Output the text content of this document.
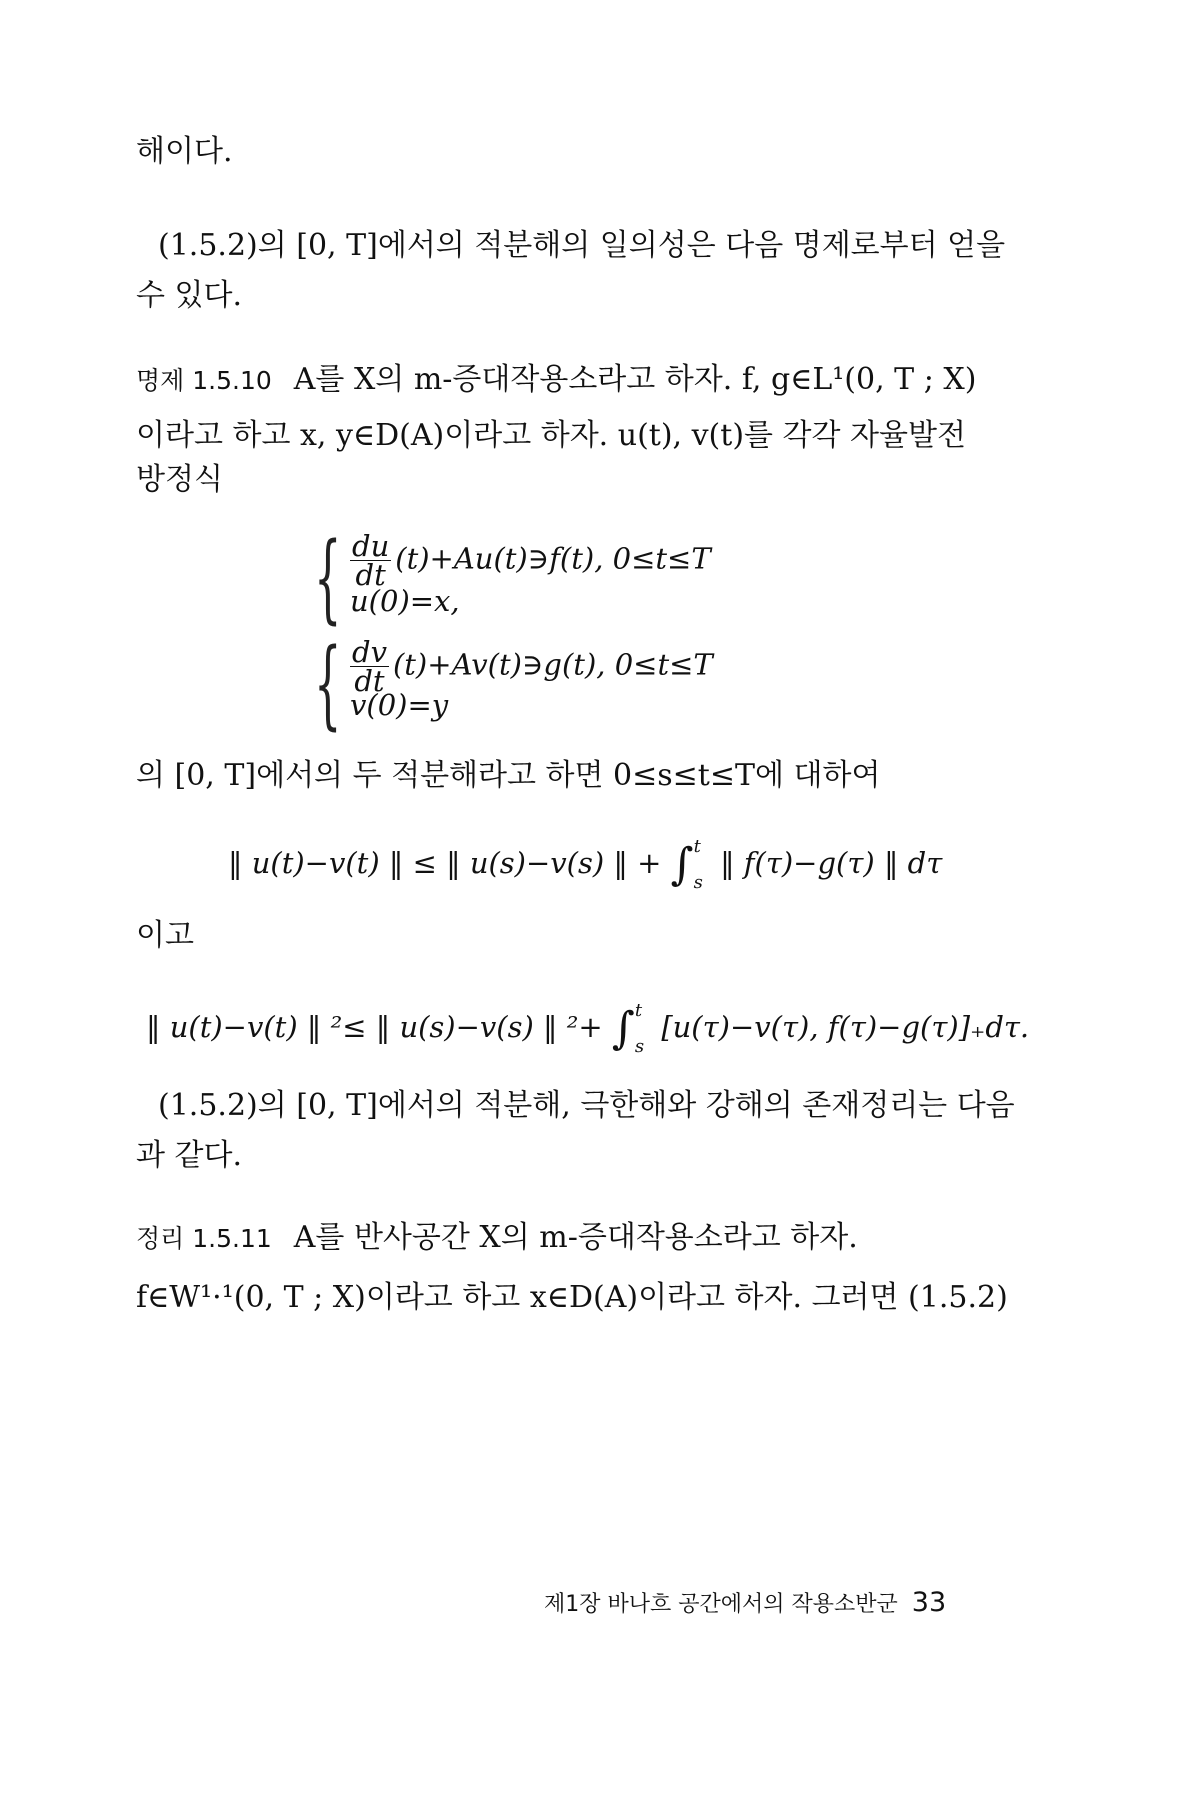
해이다.
(1.5.2)의 [0, T]에서의 적분해의 일의성은 다음 명제로부터 얻을
수 있다.
명제 1.5.10 A를 X의 m-증대작용소라고 하자. f, g∈L¹(0, T ; X)
이라고 하고 x, y∈D(A)이라고 하자. u(t), v(t)를 각각 자율발전
방정식
{ $\frac{du}{dt}$ (t)+Au(t)∋f(t), 0≤t≤T
u(0)=x,
{ $\frac{dv}{dt}$ (t)+Av(t)∋g(t), 0≤t≤T
v(0)=y
의 [0, T]에서의 두 적분해라고 하면 0≤s≤t≤T에 대하여
‖ u(t)−v(t) ‖ ≤ ‖ u(s)−v(s) ‖ + ∫ t
s
‖ f(τ)−g(τ) ‖ dτ
이고
‖ u(t)−v(t) ‖ ²≤ ‖ u(s)−v(s) ‖ ²+ ∫ t
s
[u(τ)−v(τ), f(τ)−g(τ)]₊dτ.
(1.5.2)의 [0, T]에서의 적분해, 극한해와 강해의 존재정리는 다음
과 같다.
정리 1.5.11 A를 반사공간 X의 m-증대작용소라고 하자.
f∈W¹·¹(0, T ; X)이라고 하고 x∈D(A)이라고 하자. 그러면 (1.5.2)
제1장 바나흐 공간에서의 작용소반군 33
